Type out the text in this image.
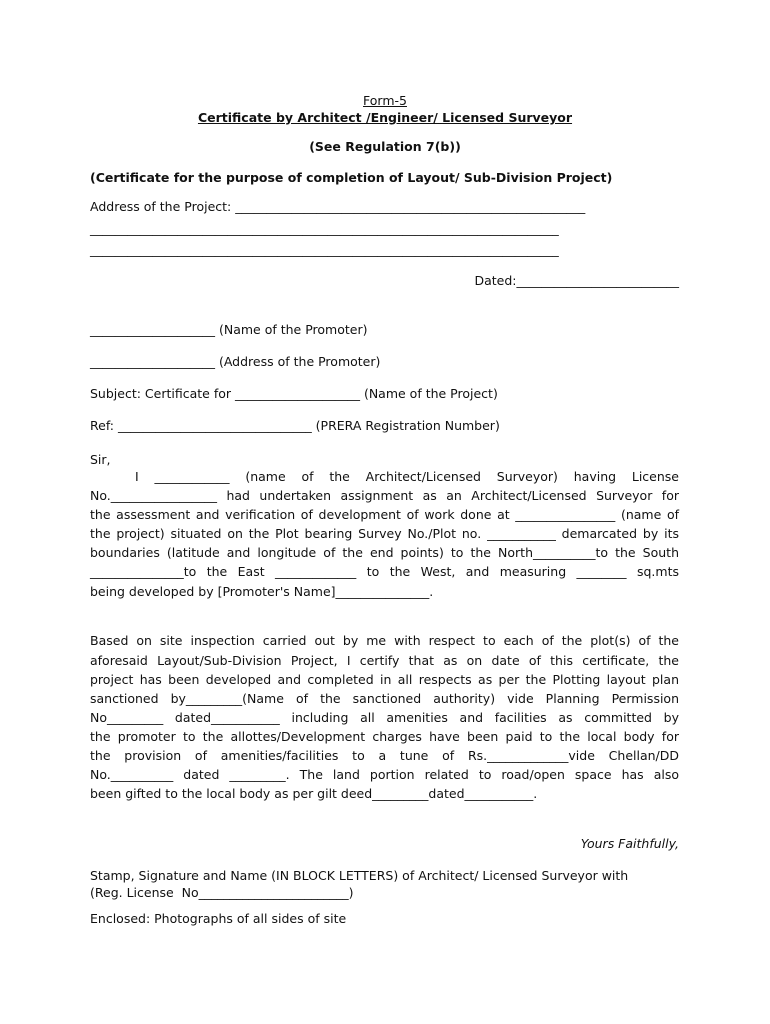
Form-5
Certificate by Architect /Engineer/ Licensed Surveyor
(See Regulation 7(b))
(Certificate for the purpose of completion of Layout/ Sub-Division Project)
Address of the Project: ________________________________________________________
___________________________________________________________________________
___________________________________________________________________________
Dated:__________________________
____________________ (Name of the Promoter)
____________________ (Address of the Promoter)
Subject: Certificate for ____________________ (Name of the Project)
Ref: _______________________________ (PRERA Registration Number)
Sir,
I ____________ (name of the Architect/Licensed Surveyor) having License
No._________________ had undertaken assignment as an Architect/Licensed Surveyor for
the assessment and verification of development of work done at ________________ (name of
the project) situated on the Plot bearing Survey No./Plot no. ___________ demarcated by its
boundaries (latitude and longitude of the end points) to the North__________to the South
_______________to the East _____________ to the West, and measuring ________ sq.mts
being developed by [Promoter's Name]_______________.
Based on site inspection carried out by me with respect to each of the plot(s) of the
aforesaid Layout/Sub-Division Project, I certify that as on date of this certificate, the
project has been developed and completed in all respects as per the Plotting layout plan
sanctioned by_________(Name of the sanctioned authority) vide Planning Permission
No_________ dated___________ including all amenities and facilities as committed by
the promoter to the allottes/Development charges have been paid to the local body for
the provision of amenities/facilities to a tune of Rs._____________vide Chellan/DD
No.__________ dated _________. The land portion related to road/open space has also
been gifted to the local body as per gilt deed_________dated___________.
Yours Faithfully,
Stamp, Signature and Name (IN BLOCK LETTERS) of Architect/ Licensed Surveyor with
(Reg. License  No________________________)
Enclosed: Photographs of all sides of site
